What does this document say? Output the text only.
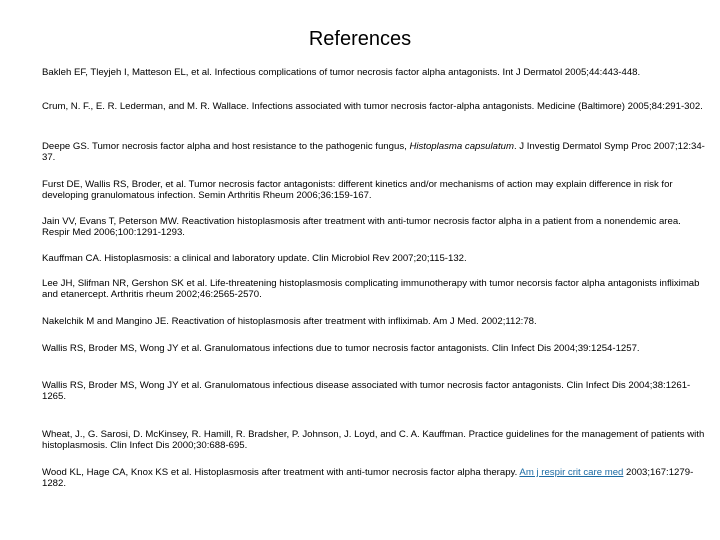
References
Bakleh EF, Tleyjeh I, Matteson EL, et al. Infectious complications of tumor necrosis factor alpha antagonists. Int J Dermatol 2005;44:443-448.
Crum, N. F., E. R. Lederman, and M. R. Wallace. Infections associated with tumor necrosis factor-alpha antagonists. Medicine (Baltimore) 2005;84:291-302.
Deepe GS. Tumor necrosis factor alpha and host resistance to the pathogenic fungus, Histoplasma capsulatum. J Investig Dermatol Symp Proc 2007;12:34-37.
Furst DE, Wallis RS, Broder, et al. Tumor necrosis factor antagonists: different kinetics and/or mechanisms of action may explain difference in risk for developing granulomatous infection. Semin Arthritis Rheum 2006;36:159-167.
Jain VV, Evans T, Peterson MW. Reactivation histoplasmosis after treatment with anti-tumor necrosis factor alpha in a patient from a nonendemic area. Respir Med 2006;100:1291-1293.
Kauffman CA. Histoplasmosis: a clinical and laboratory update. Clin Microbiol Rev 2007;20;115-132.
Lee JH, Slifman NR, Gershon SK et al. Life-threatening histoplasmosis complicating immunotherapy with tumor necorsis factor alpha antagonists infliximab and etanercept. Arthritis rheum 2002;46:2565-2570.
Nakelchik M and Mangino JE. Reactivation of histoplasmosis after treatment with infliximab. Am J Med. 2002;112:78.
Wallis RS, Broder MS, Wong JY et al. Granulomatous infections due to tumor necrosis factor antagonists. Clin Infect Dis 2004;39:1254-1257.
Wallis RS, Broder MS, Wong JY et al. Granulomatous infectious disease associated with tumor necrosis factor antagonists. Clin Infect Dis 2004;38:1261-1265.
Wheat, J., G. Sarosi, D. McKinsey, R. Hamill, R. Bradsher, P. Johnson, J. Loyd, and C. A. Kauffman. Practice guidelines for the management of patients with histoplasmosis. Clin Infect Dis 2000;30:688-695.
Wood KL, Hage CA, Knox KS et al. Histoplasmosis after treatment with anti-tumor necrosis factor alpha therapy. Am j respir crit care med 2003;167:1279-1282.
